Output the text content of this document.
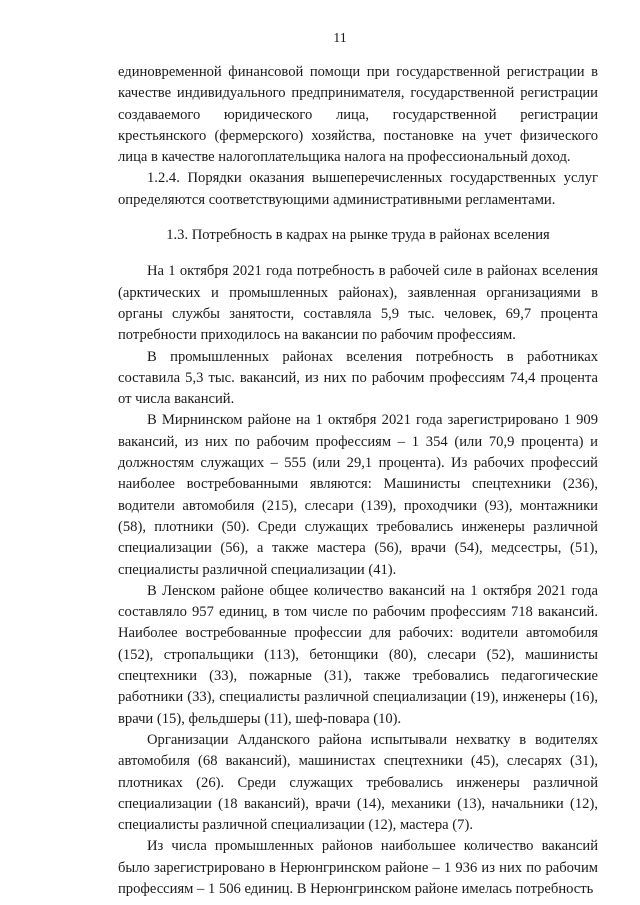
11

единовременной финансовой помощи при государственной регистрации в качестве индивидуального предпринимателя, государственной регистрации создаваемого юридического лица, государственной регистрации крестьянского (фермерского) хозяйства, постановке на учет физического лица в качестве налогоплательщика налога на профессиональный доход.

1.2.4. Порядки оказания вышеперечисленных государственных услуг определяются соответствующими административными регламентами.

1.3. Потребность в кадрах на рынке труда в районах вселения

На 1 октября 2021 года потребность в рабочей силе в районах вселения (арктических и промышленных районах), заявленная организациями в органы службы занятости, составляла 5,9 тыс. человек, 69,7 процента потребности приходилось на вакансии по рабочим профессиям.

В промышленных районах вселения потребность в работниках составила 5,3 тыс. вакансий, из них по рабочим профессиям 74,4 процента от числа вакансий.

В Мирнинском районе на 1 октября 2021 года зарегистрировано 1 909 вакансий, из них по рабочим профессиям – 1 354 (или 70,9 процента) и должностям служащих – 555 (или 29,1 процента). Из рабочих профессий наиболее востребованными являются: Машинисты спецтехники (236), водители автомобиля (215), слесари (139), проходчики (93), монтажники (58), плотники (50). Среди служащих требовались инженеры различной специализации (56), а также мастера (56), врачи (54), медсестры, (51), специалисты различной специализации (41).

В Ленском районе общее количество вакансий на 1 октября 2021 года составляло 957 единиц, в том числе по рабочим профессиям 718 вакансий. Наиболее востребованные профессии для рабочих: водители автомобиля (152), стропальщики (113), бетонщики (80), слесари (52), машинисты спецтехники (33), пожарные (31), также требовались педагогические работники (33), специалисты различной специализации (19), инженеры (16), врачи (15), фельдшеры (11), шеф-повара (10).

Организации Алданского района испытывали нехватку в водителях автомобиля (68 вакансий), машинистах спецтехники (45), слесарях (31), плотниках (26). Среди служащих требовались инженеры различной специализации (18 вакансий), врачи (14), механики (13), начальники (12), специалисты различной специализации (12), мастера (7).

Из числа промышленных районов наибольшее количество вакансий было зарегистрировано в Нерюнгринском районе – 1 936 из них по рабочим профессиям – 1 506 единиц. В Нерюнгринском районе имелась потребность
